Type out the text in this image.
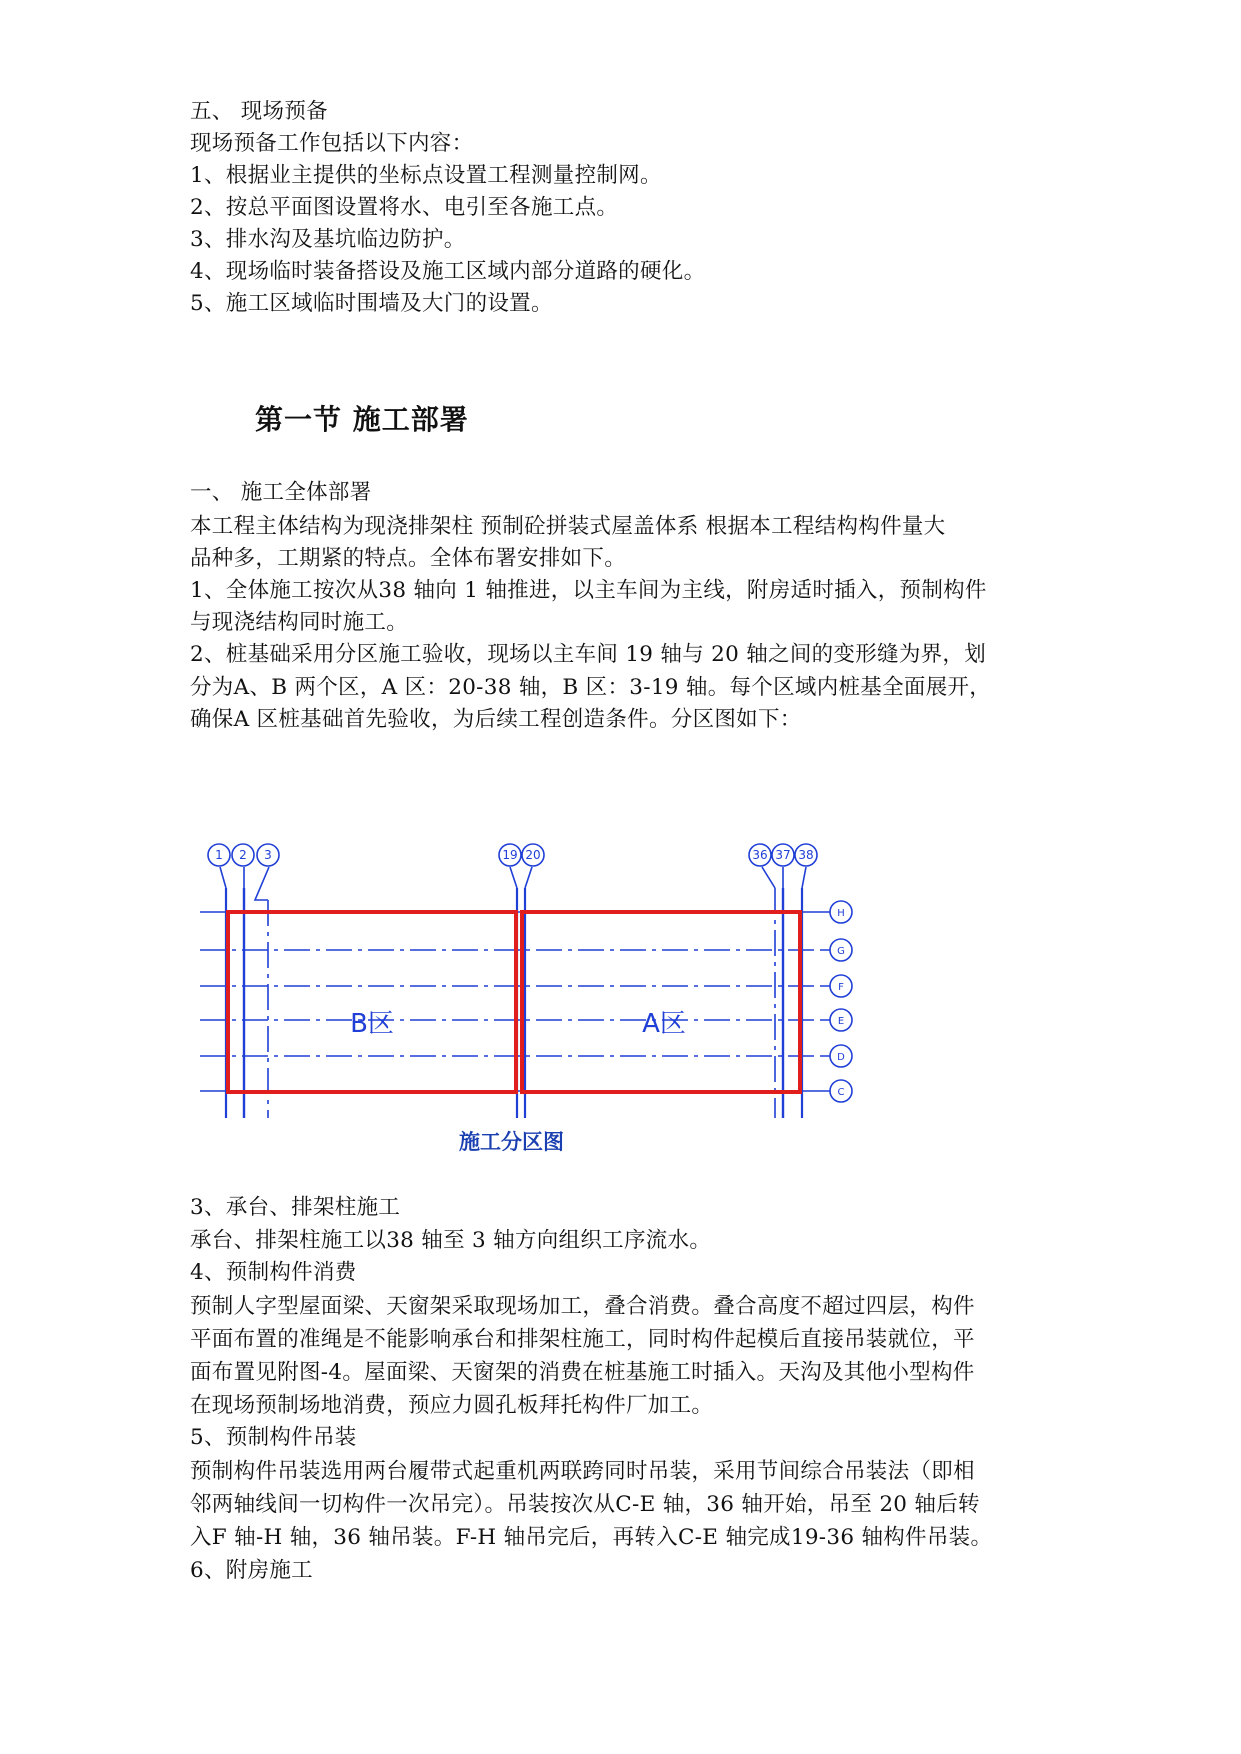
五、 现场预备
现场预备工作包括以下内容：
1、根据业主提供的坐标点设置工程测量控制网。
2、按总平面图设置将水、电引至各施工点。
3、排水沟及基坑临边防护。
4、现场临时装备搭设及施工区域内部分道路的硬化。
5、施工区域临时围墙及大门的设置。
第一节 施工部署
一、 施工全体部署
本工程主体结构为现浇排架柱 预制砼拼装式屋盖体系 根据本工程结构构件量大
品种多，工期紧的特点。全体布署安排如下。
1、全体施工按次从38 轴向 1 轴推进，以主车间为主线，附房适时插入，预制构件
与现浇结构同时施工。
2、桩基础采用分区施工验收，现场以主车间 19 轴与 20 轴之间的变形缝为界，划
分为A、B 两个区，A 区：20-38 轴，B 区：3-19 轴。每个区域内桩基全面展开，
确保A 区桩基础首先验收，为后续工程创造条件。分区图如下：
1 2 3	19 20	36 37 38
H
G
F
E
D
C
B区	A区
施工分区图
3、承台、排架柱施工
承台、排架柱施工以38 轴至 3 轴方向组织工序流水。
4、预制构件消费
预制人字型屋面梁、天窗架采取现场加工，叠合消费。叠合高度不超过四层，构件
平面布置的准绳是不能影响承台和排架柱施工，同时构件起模后直接吊装就位，平
面布置见附图-4。屋面梁、天窗架的消费在桩基施工时插入。天沟及其他小型构件
在现场预制场地消费，预应力圆孔板拜托构件厂加工。
5、预制构件吊装
预制构件吊装选用两台履带式起重机两联跨同时吊装，采用节间综合吊装法（即相
邻两轴线间一切构件一次吊完）。吊装按次从C-E 轴，36 轴开始，吊至 20 轴后转
入F 轴-H 轴，36 轴吊装。F-H 轴吊完后，再转入C-E 轴完成19-36 轴构件吊装。
6、附房施工
